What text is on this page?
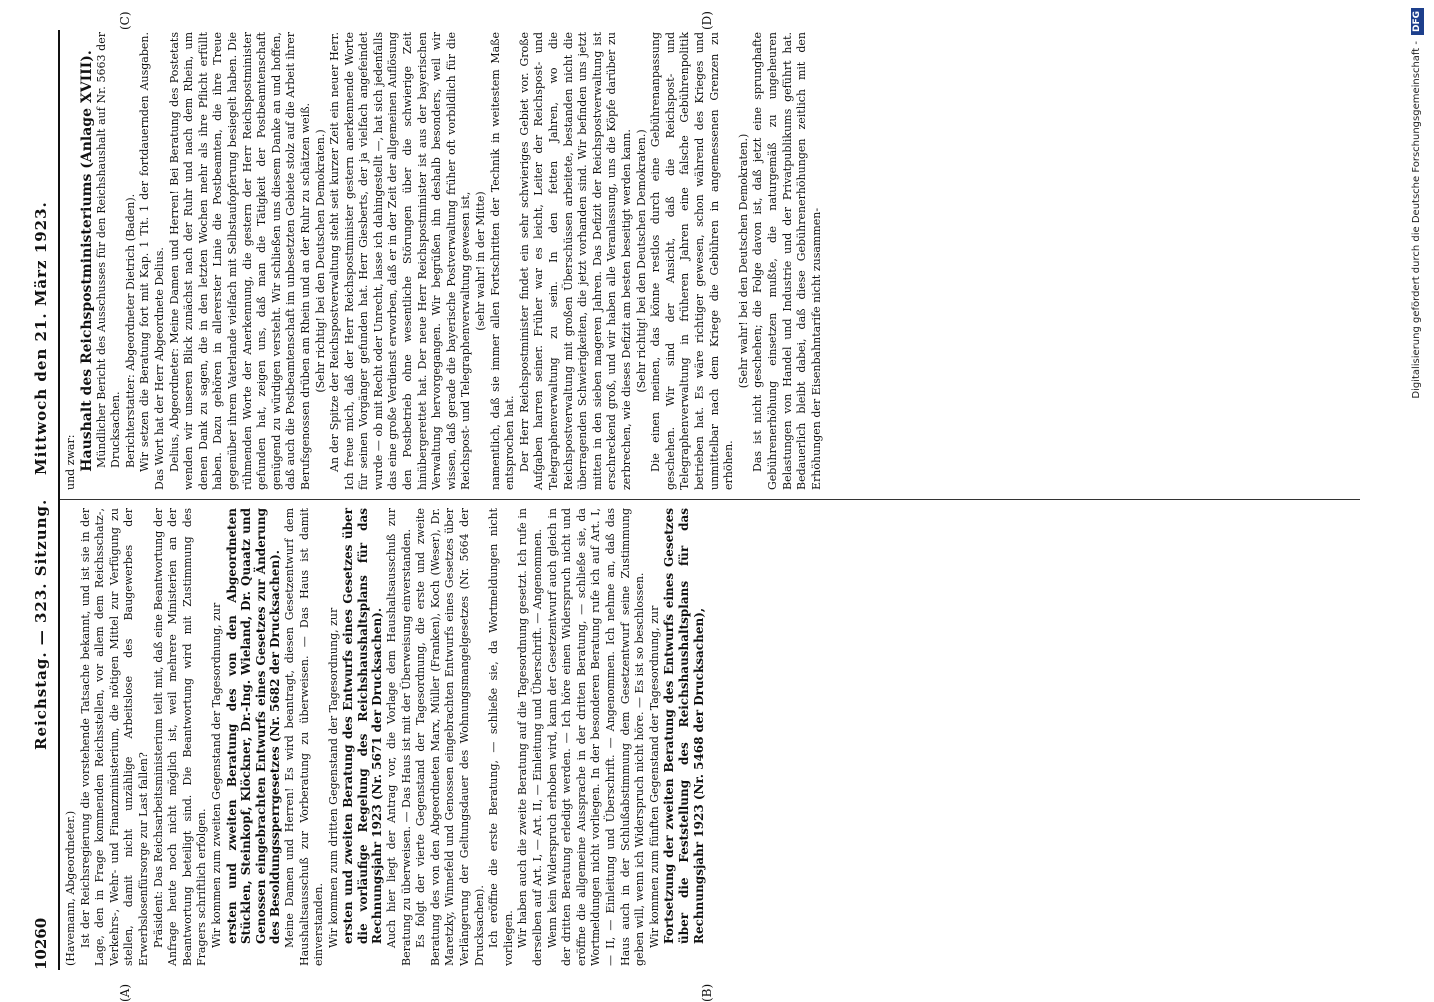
10260
Reichstag. — 323. Sitzung.
Mittwoch den 21. März 1923.
(A)	(B)
(C)	(D)

(Havemann, Abgeordneter.) Ist der Reichsregierung die vorstehende Tatsache bekannt, und ist sie in der Lage, den in Frage kommenden Reichsstellen, vor allem dem Reichsschatz-, Verkehrs-, Wehr- und Finanzministerium, die nötigen Mittel zur Verfügung zu stellen, damit nicht unzählige Arbeitslose des Baugewerbes der Erwerbslosenfürsorge zur Last fallen? Präsident: Das Reichsarbeitsministerium teilt mit, daß eine Beantwortung der Anfrage heute noch nicht möglich ist, weil mehrere Ministerien an der Beantwortung beteiligt sind. Die Beantwortung wird mit Zustimmung des Fragers schriftlich erfolgen. Wir kommen zum zweiten Gegenstand der Tagesordnung, zur ersten und zweiten Beratung des von den Abgeordneten Stücklen, Steinkopf, Klöckner, Dr.-Ing. Wieland, Dr. Quaatz und Genossen eingebrachten Entwurfs eines Gesetzes zur Änderung des Besoldungssperrgesetzes (Nr. 5682 der Drucksachen). Meine Damen und Herren! Es wird beantragt, diesen Gesetzentwurf dem Haushaltsausschuß zur Vorberatung zu überweisen. — Das Haus ist damit einverstanden. Wir kommen zum dritten Gegenstand der Tagesordnung, zur ersten und zweiten Beratung des Entwurfs eines Gesetzes über die vorläufige Regelung des Reichshaushaltsplans für das Rechnungsjahr 1923 (Nr. 5671 der Drucksachen). Auch hier liegt der Antrag vor, die Vorlage dem Haushaltsausschuß zur Beratung zu überweisen. — Das Haus ist mit der Überweisung einverstanden. Es folgt der vierte Gegenstand der Tagesordnung, die erste und zweite Beratung des von den Abgeordneten Marx, Müller (Franken), Koch (Weser), Dr. Maretzky, Winnefeld und Genossen eingebrachten Entwurfs eines Gesetzes über Verlängerung der Geltungsdauer des Wohnungsmangelgesetzes (Nr. 5664 der Drucksachen). Ich eröffne die erste Beratung, — schließe sie, da Wortmeldungen nicht vorliegen. Wir haben auch die zweite Beratung auf die Tagesordnung gesetzt. Ich rufe in derselben auf Art. I, — Art. II, — Einleitung und Überschrift. — Angenommen. Wenn kein Widerspruch erhoben wird, kann der Gesetzentwurf auch gleich in der dritten Beratung erledigt werden. — Ich höre einen Widerspruch nicht und eröffne die allgemeine Aussprache in der dritten Beratung, — schließe sie, da Wortmeldungen nicht vorliegen. In der besonderen Beratung rufe ich auf Art. I, — II, — Einleitung und Überschrift. — Angenommen. Ich nehme an, daß das Haus auch in der Schlußabstimmung dem Gesetzentwurf seine Zustimmung geben will, wenn ich Widerspruch nicht höre. — Es ist so beschlossen. Wir kommen zum fünften Gegenstand der Tagesordnung, zur Fortsetzung der zweiten Beratung des Entwurfs eines Gesetzes über die Feststellung des Reichshaushaltsplans für das Rechnungsjahr 1923 (Nr. 5468 der Drucksachen),

und zwar: Haushalt des Reichspostministeriums (Anlage XVIII). Mündlicher Bericht des Ausschusses für den Reichshaushalt auf Nr. 5663 der Drucksachen. Berichterstatter: Abgeordneter Dietrich (Baden). Wir setzen die Beratung fort mit Kap. 1 Tit. 1 der fortdauernden Ausgaben. Das Wort hat der Herr Abgeordnete Delius. Delius, Abgeordneter: Meine Damen und Herren! Bei Beratung des Postetats wenden wir unseren Blick zunächst nach der Ruhr und nach dem Rhein, um denen Dank zu sagen, die in den letzten Wochen mehr als ihre Pflicht erfüllt haben. Dazu gehören in allererster Linie die Postbeamten, die ihre Treue gegenüber ihrem Vaterlande vielfach mit Selbstaufopferung besiegelt haben. Die rühmenden Worte der Anerkennung, die gestern der Herr Reichspostminister gefunden hat, zeigen uns, daß man die Tätigkeit der Postbeamtenschaft genügend zu würdigen versteht. Wir schließen uns diesem Danke an und hoffen, daß auch die Postbeamtenschaft im unbesetzten Gebiete stolz auf die Arbeit ihrer Berufsgenossen drüben am Rhein und an der Ruhr zu schätzen weiß. (Sehr richtig! bei den Deutschen Demokraten.) An der Spitze der Reichspostverwaltung steht seit kurzer Zeit ein neuer Herr. Ich freue mich, daß der Herr Reichspostminister gestern anerkennende Worte für seinen Vorgänger gefunden hat. Herr Giesberts, der ja vielfach angefeindet wurde — ob mit Recht oder Unrecht, lasse ich dahingestellt —, hat sich jedenfalls das eine große Verdienst erworben, daß er in der Zeit der allgemeinen Auflösung den Postbetrieb ohne wesentliche Störungen über die schwierige Zeit hinübergerettet hat. Der neue Herr Reichspostminister ist aus der bayerischen Verwaltung hervorgegangen. Wir begrüßen ihn deshalb besonders, weil wir wissen, daß gerade die bayerische Postverwaltung früher oft vorbildlich für die Reichspost- und Telegraphenverwaltung gewesen ist, (sehr wahr! in der Mitte) namentlich, daß sie immer allen Fortschritten der Technik in weitestem Maße entsprochen hat. Der Herr Reichspostminister findet ein sehr schwieriges Gebiet vor. Große Aufgaben harren seiner. Früher war es leicht, Leiter der Reichspost- und Telegraphenverwaltung zu sein. In den fetten Jahren, wo die Reichspostverwaltung mit großen Überschüssen arbeitete, bestanden nicht die überragenden Schwierigkeiten, die jetzt vorhanden sind. Wir befinden uns jetzt mitten in den sieben mageren Jahren. Das Defizit der Reichspostverwaltung ist erschreckend groß, und wir haben alle Veranlassung, uns die Köpfe darüber zu zerbrechen, wie dieses Defizit am besten beseitigt werden kann. (Sehr richtig! bei den Deutschen Demokraten.) Die einen meinen, das könne restlos durch eine Gebührenanpassung geschehen. Wir sind der Ansicht, daß die Reichspost- und Telegraphenverwaltung in früheren Jahren eine falsche Gebührenpolitik betrieben hat. Es wäre richtiger gewesen, schon während des Krieges und unmittelbar nach dem Kriege die Gebühren in angemessenen Grenzen zu erhöhen.

(Sehr wahr! bei den Deutschen Demokraten.) Das ist nicht geschehen; die Folge davon ist, daß jetzt eine sprunghafte Gebührenerhöhung einsetzen mußte, die naturgemäß zu ungeheuren Belastungen von Handel und Industrie und der Privatpublikums geführt hat. Bedauerlich bleibt dabei, daß diese Gebührenerhöhungen zeitlich mit den Erhöhungen der Eisenbahntarife nicht zusammen-	Digitalisierung gefördert durch die Deutsche Forschungsgemeinschaft -DFG
